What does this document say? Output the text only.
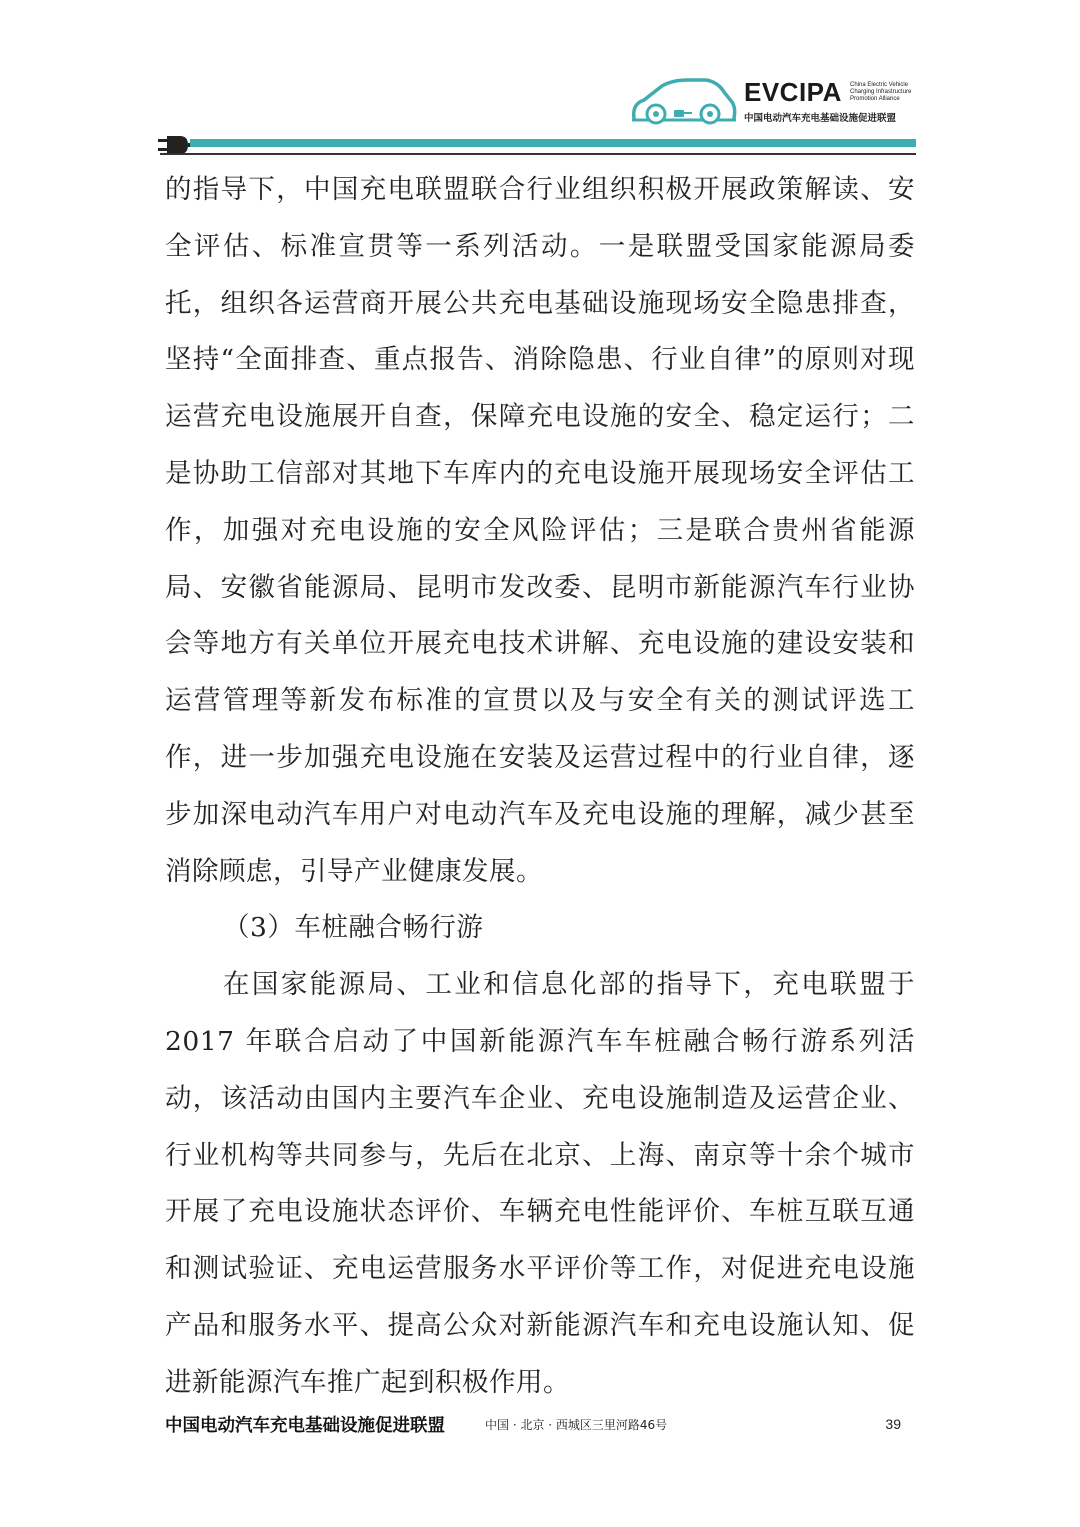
EVCIPA	China Electric Vehicle
Charging Infrastructure
Promotion Alliance
中国电动汽车充电基础设施促进联盟

的指导下，中国充电联盟联合行业组织积极开展政策解读、安全评估、标准宣贯等一系列活动。一是联盟受国家能源局委托，组织各运营商开展公共充电基础设施现场安全隐患排查，坚持“全面排查、重点报告、消除隐患、行业自律”的原则对现运营充电设施展开自查，保障充电设施的安全、稳定运行；二是协助工信部对其地下车库内的充电设施开展现场安全评估工作，加强对充电设施的安全风险评估；三是联合贵州省能源局、安徽省能源局、昆明市发改委、昆明市新能源汽车行业协会等地方有关单位开展充电技术讲解、充电设施的建设安装和运营管理等新发布标准的宣贯以及与安全有关的测试评选工作，进一步加强充电设施在安装及运营过程中的行业自律，逐步加深电动汽车用户对电动汽车及充电设施的理解，减少甚至消除顾虑，引导产业健康发展。

（3）车桩融合畅行游

在国家能源局、工业和信息化部的指导下，充电联盟于2017 年联合启动了中国新能源汽车车桩融合畅行游系列活动，该活动由国内主要汽车企业、充电设施制造及运营企业、行业机构等共同参与，先后在北京、上海、南京等十余个城市开展了充电设施状态评价、车辆充电性能评价、车桩互联互通和测试验证、充电运营服务水平评价等工作，对促进充电设施产品和服务水平、提高公众对新能源汽车和充电设施认知、促进新能源汽车推广起到积极作用。

中国电动汽车充电基础设施促进联盟	中国 · 北京 · 西城区三里河路46号	39
